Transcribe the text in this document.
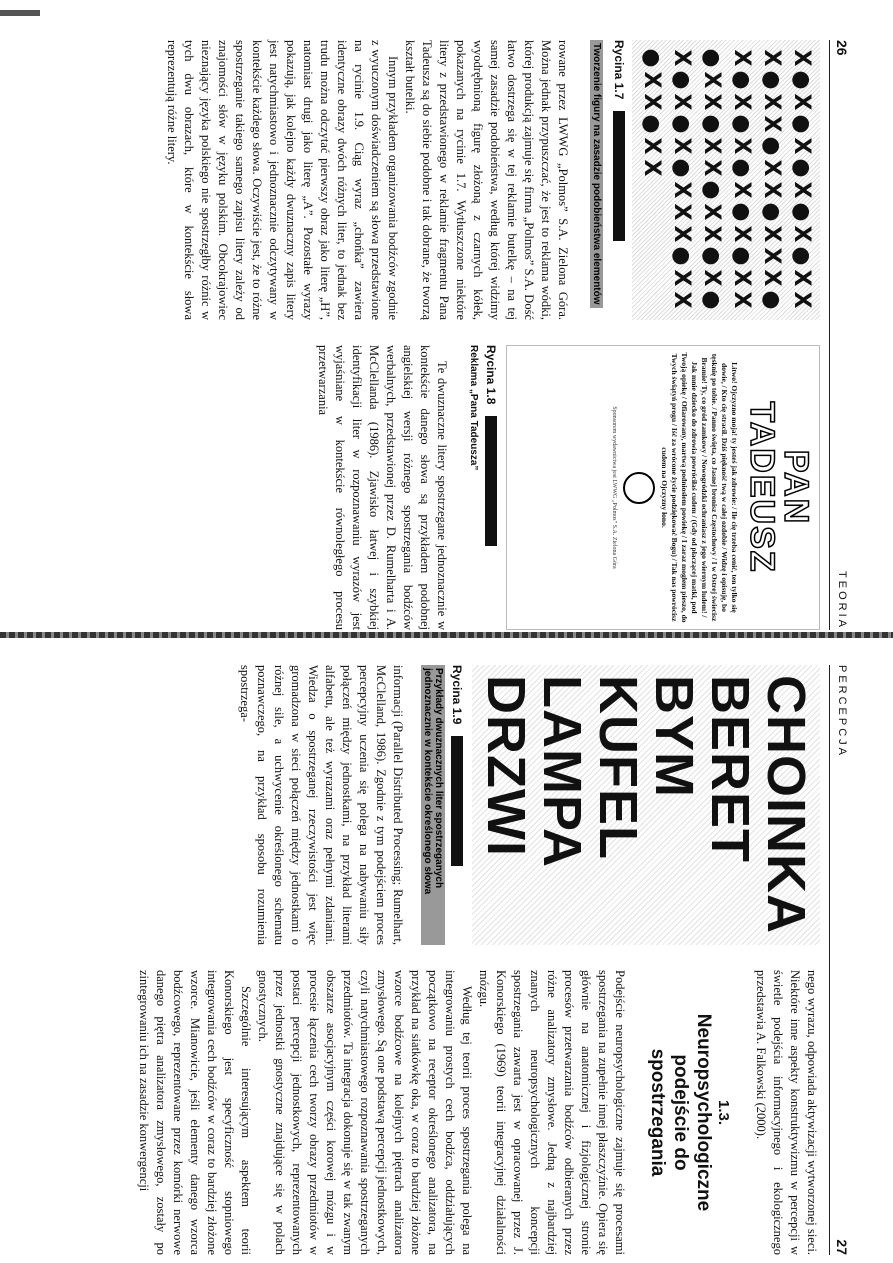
26
TEORIA
X
●
X
●
X
●
X
●
X
●
X
X
X
●
X
X
●
X
X
●
X
X
X
●
X
●
X
●
X
●
X
●
X
●
X
X
●
X
X
●
X
X
●
X
X
●
X
●
X
●
X
●
X
●
X
X
X
●
X
X
●
X
X
●
X
X
Rycina 1.7
Tworzenie figury na zasadzie podobieństwa elementów

rowane przez LWWG „Polmos” S.A. Zielona Góra. Można jednak przypuszczać, że jest to reklama wódki, której produkcją zajmuje się firma „Polmos” S.A. Dość łatwo dostrzega się w tej reklamie butelkę – na tej samej zasadzie podobieństwa, według której widzimy wyodrębnioną figurę złożoną z czarnych kółek, pokazanych na rycinie 1.7. Wytłuszczone niektóre litery z przedstawionego w reklamie fragmentu Pana Tadeusza są do siebie podobne i tak dobrane, że tworzą kształt butelki.

Innym przykładem organizowania bodźców zgodnie z wyuczonym doświadczeniem są słowa przedstawione na rycinie 1.9. Ciąg wyraz „chońka” zawiera identyczne obrazy dwóch różnych liter, to jednak bez trudu można odczytać pierwszy obraz jako literę „H”, natomiast drugi jako literę „A”. Pozostałe wyrazy pokazują, jak kolejno każdy dwuznaczny zapis litery jest natychmiastowo i jednoznacznie odczytywany w kontekście każdego słowa. Oczywiście jest, że to różne spostrzeganie takiego samego zapisu litery zależy od znajomości słów w języku polskim. Obcokrajowiec nieznający języka polskiego nie spostrzegłby różnic w tych dwu obrazach, które w kontekście słowa reprezentują różne litery.

PAN
TADEUSZ
Litwo! Ojczyzno moja! ty jesteś jak zdrowie: / Ile cię trzeba cenić, ten tylko się dowie, / Kto cię stracił. Dziś piękność twą w całej ozdobie / Widzę i opisuję, bo tęsknię po tobie. / Panno święta, co Jasnej bronisz Częstochowy / I w Ostrej świecisz Bramie! Ty, co gród zamkowy / Nowogródzki ochraniasz z jego wiernym ludem! / Jak mnie dziecko do zdrowia powróciłaś cudem / (Gdy od płaczącej matki, pod Twoją opiekę / Ofiarowany, martwą podniosłem powiekę / I zaraz mogłem pieszo, do Twych świątyń progu / Iść za wrócone życie podziękować Bogu) / Tak nas powrócisz cudem na Ojczyzny łono.
Sponsorem wydawnictwa jest LWWG „Polmos” S.A. Zielona Góra
Rycina 1.8
Reklama „Pana Tadeusza”

Te dwuznaczne litery spostrzegane jednoznacznie w kontekście danego słowa są przykładem podobnej angielskiej wersji różnego spostrzegania bodźców werbalnych, przedstawionej przez D. Rumelharta i A. McClellanda (1986). Zjawisko łatwej i szybkiej identyfikacji liter w rozpoznawaniu wyrazów jest wyjaśniane w kontekście równoległego procesu przetwarzania

PERCEPCJA
27
CHOINKA
BERET
BYM
KUFEL
LAMPA
DRZWI
Rycina 1.9
Przykłady dwuznacznych liter spostrzeganych jednoznacznie w kontekście określonego słowa

informacji (Parallel Distributed Processing; Rumelhart, McClelland, 1986). Zgodnie z tym podejściem proces percepcyjny uczenia się polega na nabywaniu siły połączeń między jednostkami, na przykład literami alfabetu, ale też wyrazami oraz pełnymi zdaniami. Wiedza o spostrzeganej rzeczywistości jest więc gromadzona w sieci połączeń między jednostkami o różnej sile, a uchwycenie określonego schematu poznawczego, na przykład sposobu rozumienia spostrzega-

nego wyrazu, odpowiada aktywizacji wytworzonej sieci. Niektóre inne aspekty konstruktywizmu w percepcji w świetle podejścia informacyjnego i ekologicznego przedstawia A. Falkowski (2000).

1.3.
Neuropsychologiczne
podejście do
spostrzegania

Podejście neuropsychologiczne zajmuje się procesami spostrzegania na zupełnie innej płaszczyźnie. Opiera się głównie na anatomicznej i fizjologicznej stronie procesów przetwarzania bodźców odbieranych przez różne analizatory zmysłowe. Jedną z najbardziej znanych neuropsychologicznych koncepcji spostrzegania zawarta jest w opracowanej przez J. Konorskiego (1969) teorii integracyjnej działalności mózgu.

Według tej teorii proces spostrzegania polega na integrowaniu prostych cech bodźca, oddziałujących początkowo na receptor określonego analizatora, na przykład na siatkówkę oka, w coraz to bardziej złożone wzorce bodźcowe na kolejnych piętrach analizatora zmysłowego. Są one podstawą percepcji jednostkowych, czyli natychmiastowego rozpoznawania spostrzeganych przedmiotów. Ta integracja dokonuje się w tak zwanym obszarze asocjacyjnym części korowej mózgu i w procesie łączenia cech tworzy obrazy przedmiotów w postaci percepcji jednostkowych, reprezentowanych przez jednostki gnostyczne znajdujące się w polach gnostycznych.

Szczególnie interesującym aspektem teorii Konorskiego jest specyficzność stopniowego integrowania cech bodźców w coraz to bardziej złożone wzorce. Mianowicie, jeśli elementy danego wzorca bodźcowego, reprezentowane przez komórki nerwowe danego piętra analizatora zmysłowego, zostały po zintegrowaniu ich na zasadzie konwergencji
